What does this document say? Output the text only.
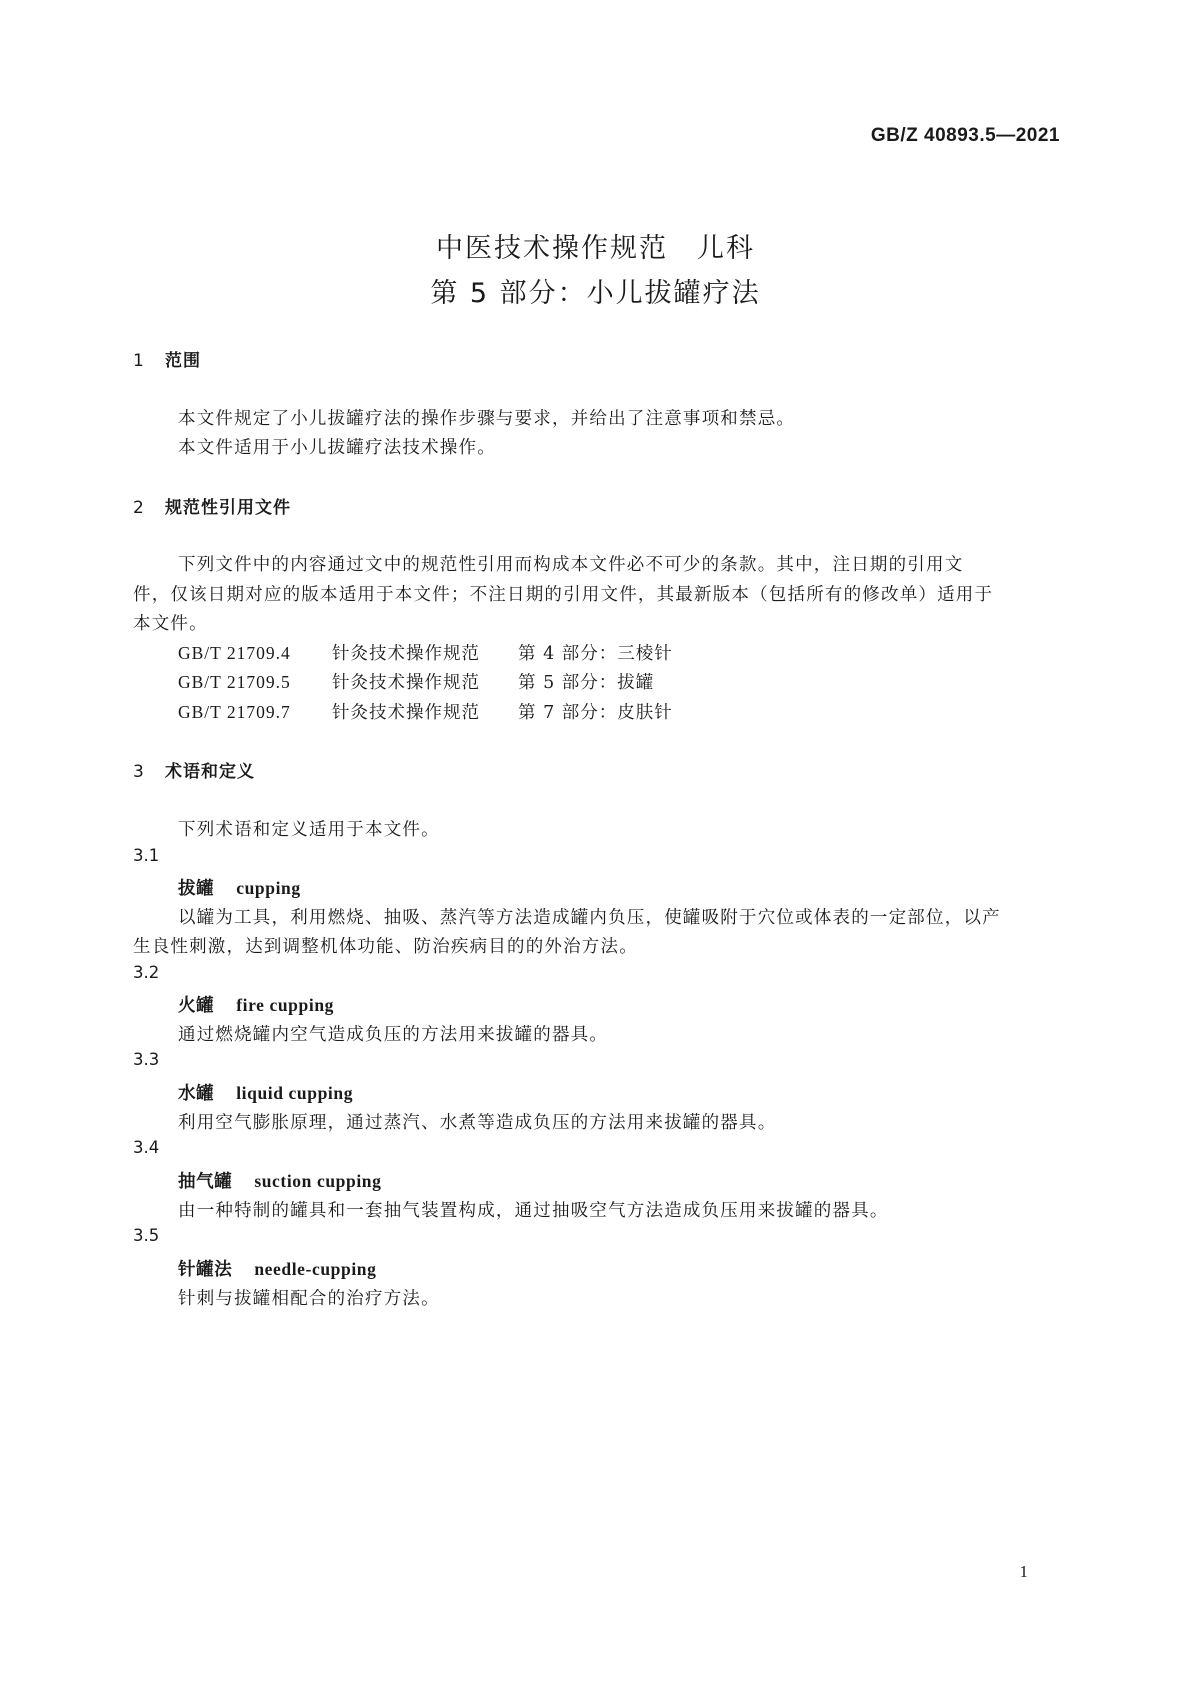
GB/Z 40893.5—2021
中医技术操作规范　儿科
第 5 部分：小儿拔罐疗法
1 范围
本文件规定了小儿拔罐疗法的操作步骤与要求，并给出了注意事项和禁忌。
本文件适用于小儿拔罐疗法技术操作。
2 规范性引用文件
下列文件中的内容通过文中的规范性引用而构成本文件必不可少的条款。其中，注日期的引用文
件，仅该日期对应的版本适用于本文件；不注日期的引用文件，其最新版本（包括所有的修改单）适用于
本文件。
GB/T 21709.4 针灸技术操作规范 第 4 部分：三棱针
GB/T 21709.5 针灸技术操作规范 第 5 部分：拔罐
GB/T 21709.7 针灸技术操作规范 第 7 部分：皮肤针
3 术语和定义
下列术语和定义适用于本文件。
3.1
拔罐 cupping
以罐为工具，利用燃烧、抽吸、蒸汽等方法造成罐内负压，使罐吸附于穴位或体表的一定部位，以产
生良性刺激，达到调整机体功能、防治疾病目的的外治方法。
3.2
火罐 fire cupping
通过燃烧罐内空气造成负压的方法用来拔罐的器具。
3.3
水罐 liquid cupping
利用空气膨胀原理，通过蒸汽、水煮等造成负压的方法用来拔罐的器具。
3.4
抽气罐 suction cupping
由一种特制的罐具和一套抽气装置构成，通过抽吸空气方法造成负压用来拔罐的器具。
3.5
针罐法 needle-cupping
针刺与拔罐相配合的治疗方法。
1
